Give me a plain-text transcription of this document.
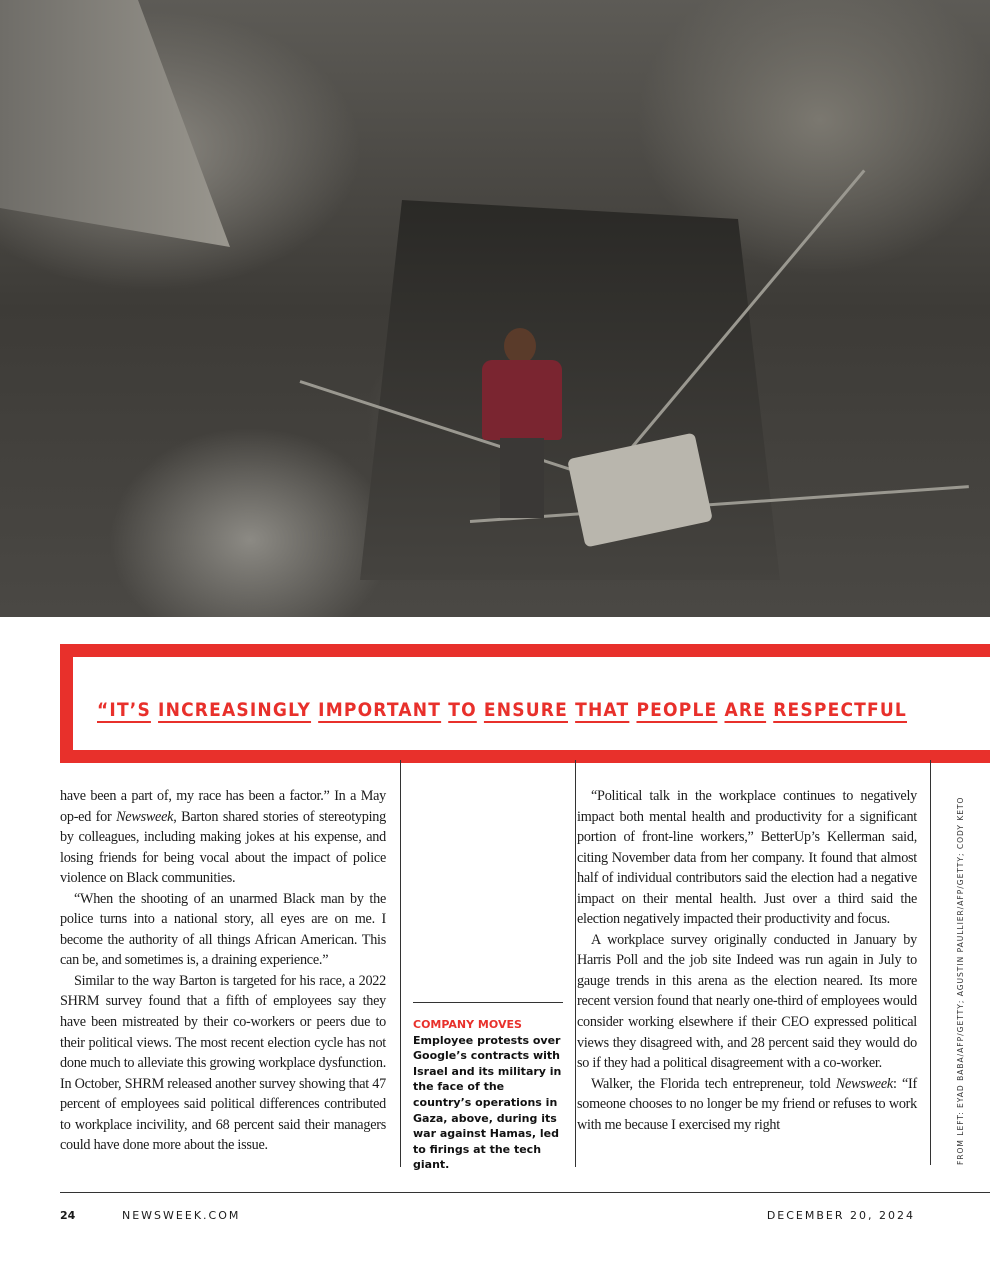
“IT’S INCREASINGLY IMPORTANT TO ENSURE THAT PEOPLE ARE RESPECTFUL

have been a part of, my race has been a factor.” In a May op-ed for Newsweek, Barton shared stories of stereotyping by colleagues, including making jokes at his expense, and losing friends for being vocal about the impact of police violence on Black communities.

“When the shooting of an unarmed Black man by the police turns into a national story, all eyes are on me. I become the authority of all things African American. This can be, and sometimes is, a draining experience.”

Similar to the way Barton is targeted for his race, a 2022 SHRM survey found that a fifth of employees say they have been mistreated by their co-workers or peers due to their political views. The most recent election cycle has not done much to alleviate this growing workplace dysfunction. In October, SHRM released another survey showing that 47 percent of employees said political differences contributed to workplace incivility, and 68 percent said their managers could have done more about the issue.

COMPANY MOVES
Employee protests over Google’s contracts with Israel and its military in the face of the country’s operations in Gaza, above, during its war against Hamas, led to firings at the tech giant.

“Political talk in the workplace continues to negatively impact both mental health and productivity for a significant portion of front-line workers,” BetterUp’s Kellerman said, citing November data from her company. It found that almost half of individual contributors said the election had a negative impact on their mental health. Just over a third said the election negatively impacted their productivity and focus.

A workplace survey originally conducted in January by Harris Poll and the job site Indeed was run again in July to gauge trends in this arena as the election neared. Its more recent version found that nearly one-third of employees would consider working elsewhere if their CEO expressed political views they disagreed with, and 28 percent said they would do so if they had a political disagreement with a co-worker.

Walker, the Florida tech entrepreneur, told Newsweek: “If someone chooses to no longer be my friend or refuses to work with me because I exercised my right	FROM LEFT: EYAD BABA/AFP/GETTY; AGUSTIN PAULLIER/AFP/GETTY; CODY KETO
24	NEWSWEEK.COM	DECEMBER 20, 2024
